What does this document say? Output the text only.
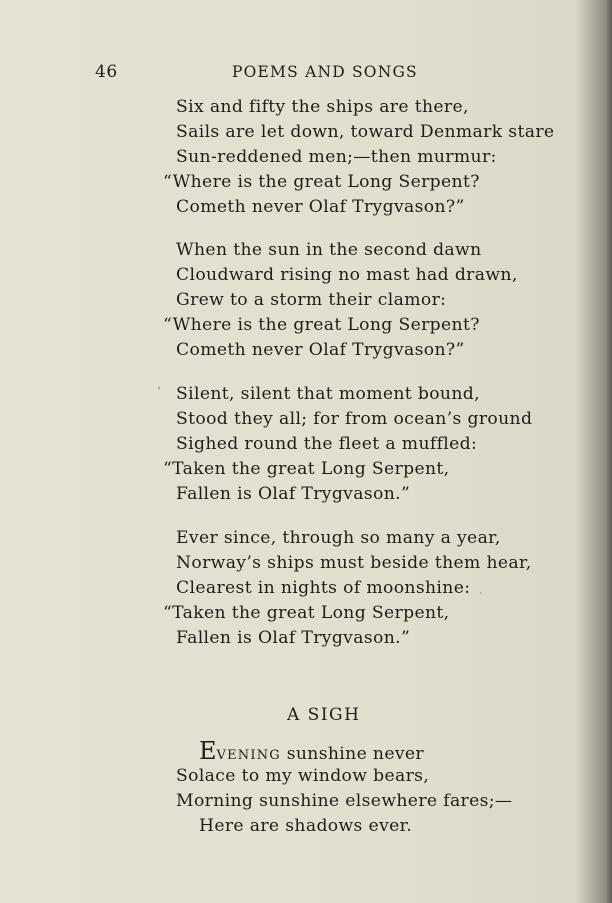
46	POEMS AND SONGS
Six and fifty the ships are there,
Sails are let down, toward Denmark stare
Sun-reddened men;—then murmur:
“Where is the great Long Serpent?
Cometh never Olaf Trygvason?”
When the sun in the second dawn
Cloudward rising no mast had drawn,
Grew to a storm their clamor:
“Where is the great Long Serpent?
Cometh never Olaf Trygvason?”
Silent, silent that moment bound,
Stood they all; for from ocean’s ground
Sighed round the fleet a muffled:
“Taken the great Long Serpent,
Fallen is Olaf Trygvason.”
Ever since, through so many a year,
Norway’s ships must beside them hear,
Clearest in nights of moonshine:
“Taken the great Long Serpent,
Fallen is Olaf Trygvason.”
A SIGH
EVENING sunshine never
Solace to my window bears,
Morning sunshine elsewhere fares;—
Here are shadows ever.
